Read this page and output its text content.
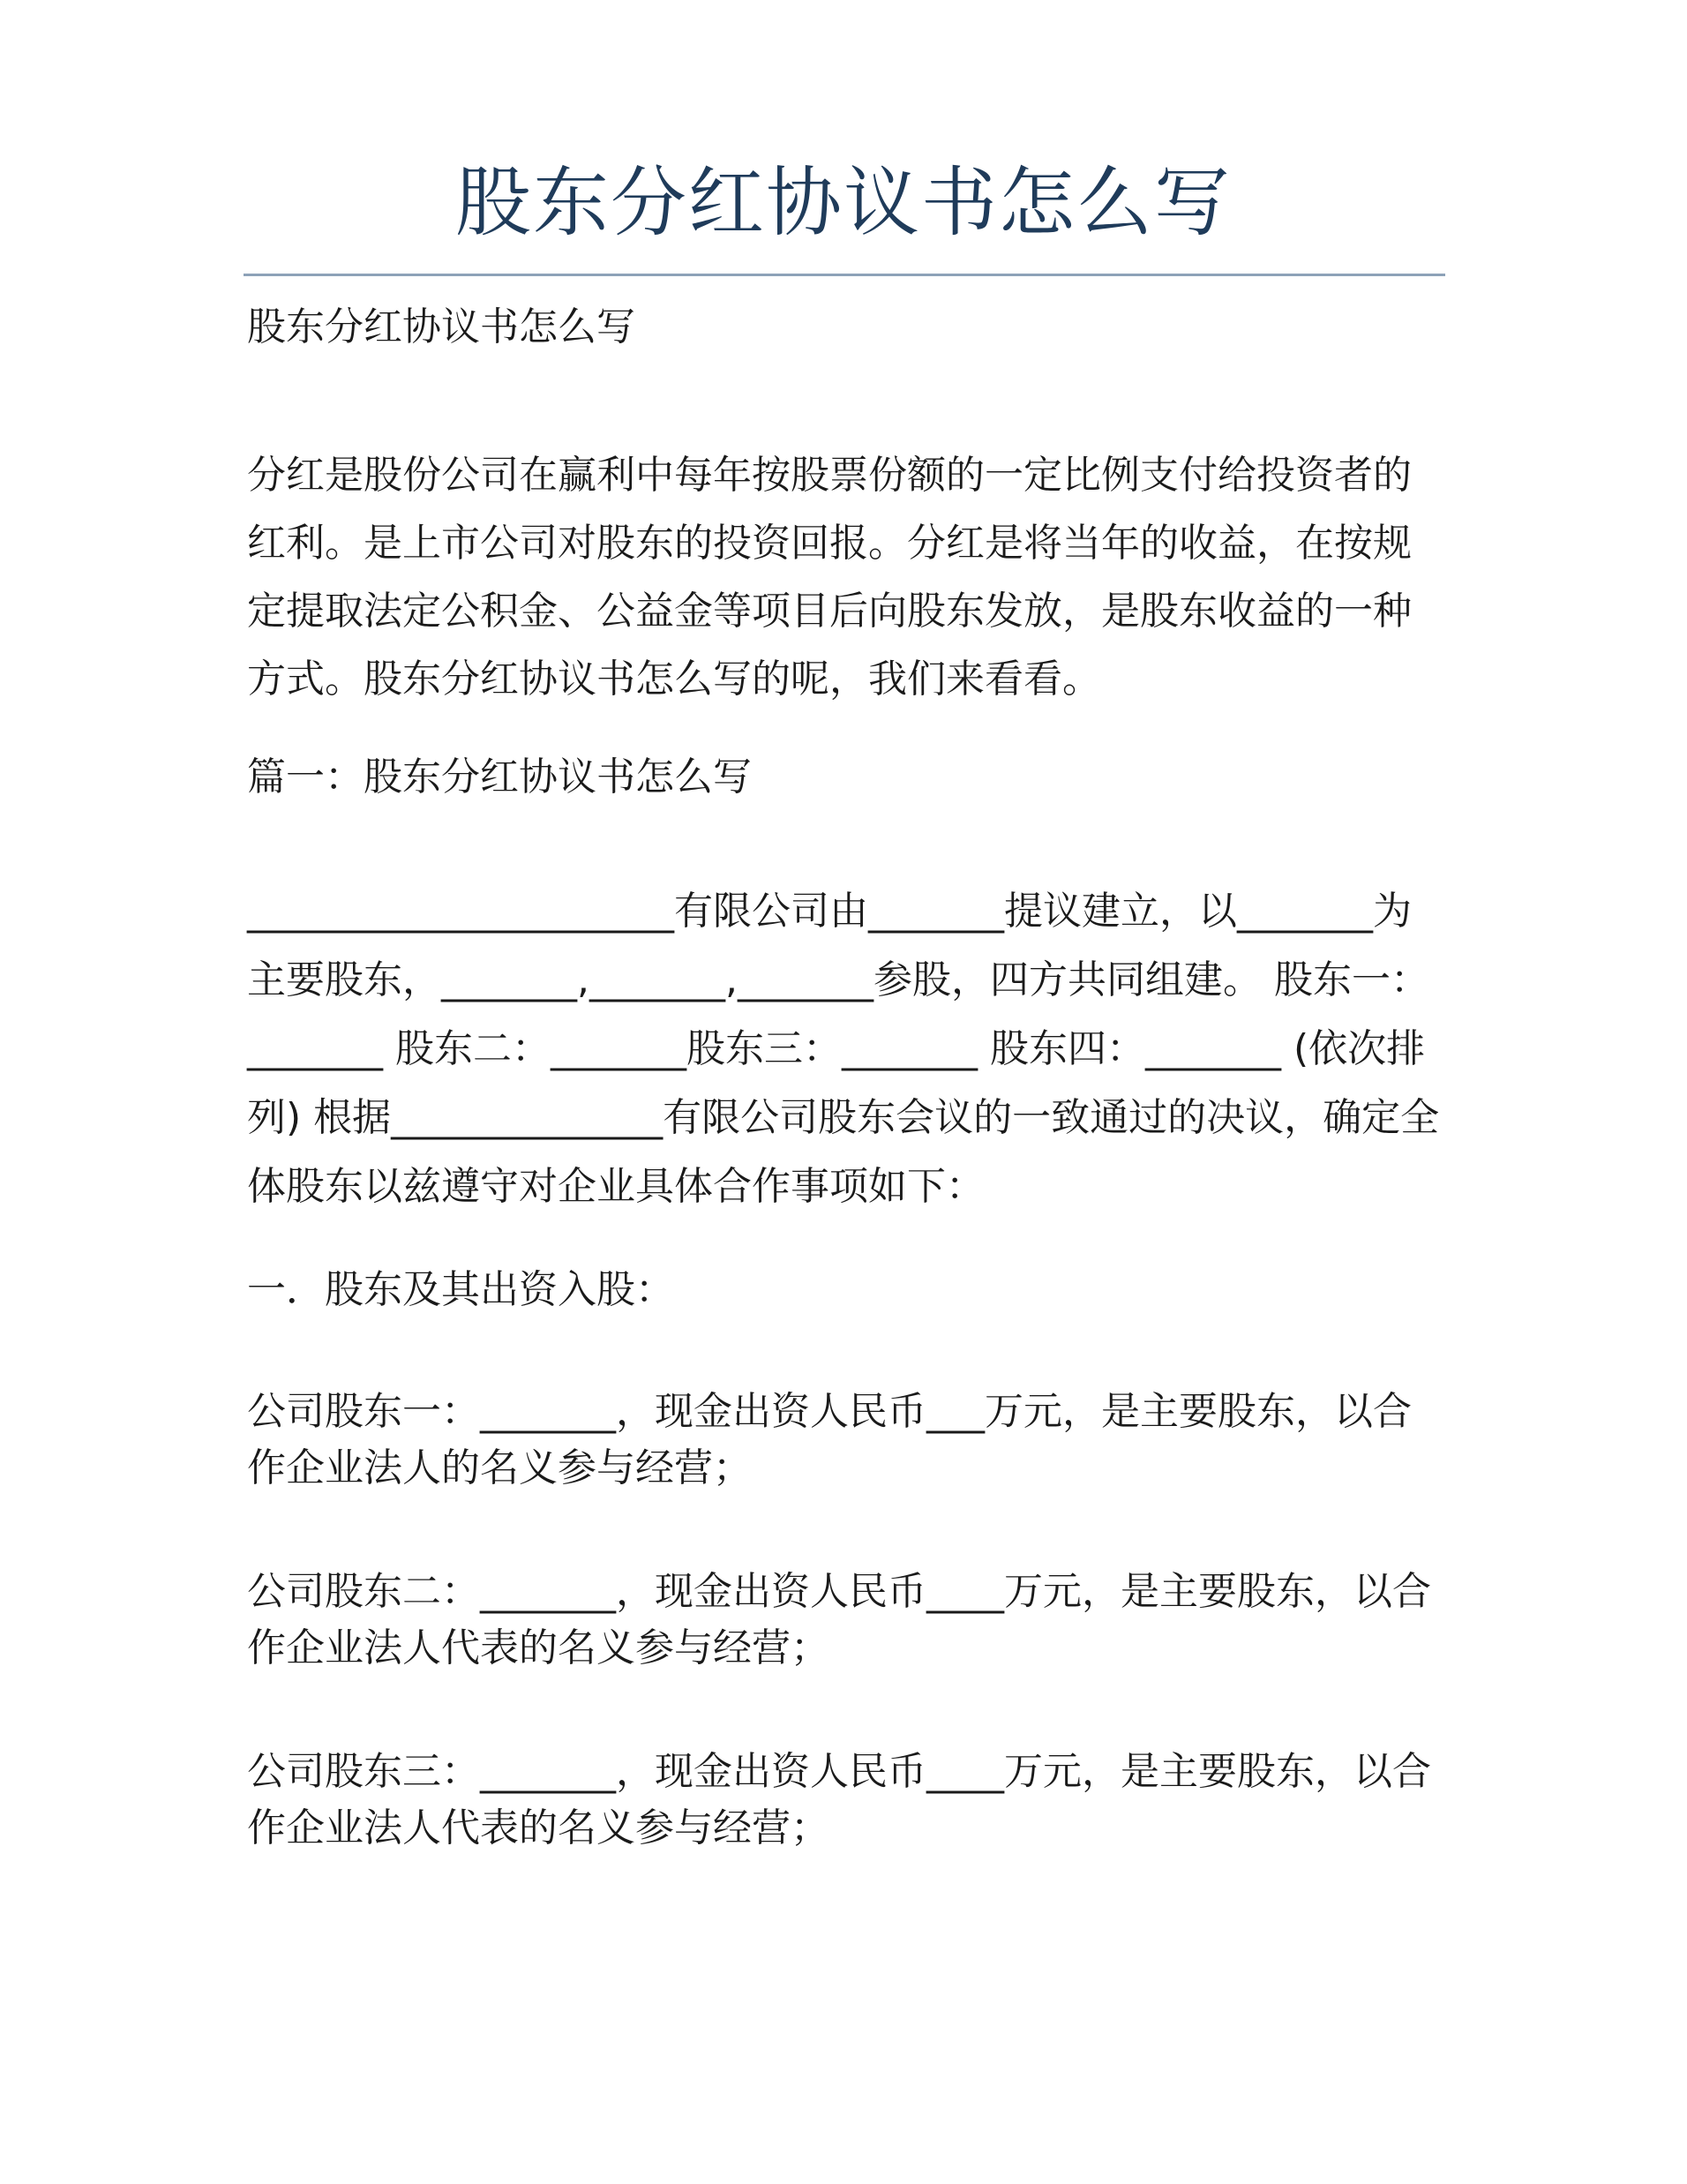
股东分红协议书怎么写
股东分红协议书怎么写
分红是股份公司在赢利中每年按股票份额的一定比例支付给投资者的
红利。是上市公司对股东的投资回报。分红是将当年的收益，在按规
定提取法定公积金、公益金等项目后向股东发放，是股东收益的一种
方式。股东分红协议书怎么写的呢，我们来看看。
篇一：股东分红协议书怎么写
______________________有限公司由_______提议建立，以_______为
主要股东，_______,_______,_______参股，四方共同组建。 股东一：
_______ 股东二：_______股东三：_______ 股东四：_______ (依次排
列) 根据______________有限公司股东会议的一致通过的决议，确定全
体股东以兹遵守对企业具体合作事项如下：
一．股东及其出资入股：
公司股东一：_______，现金出资人民币___万元，是主要股东，以合
作企业法人的名义参与经营；
公司股东二：_______，现金出资人民币____万元，是主要股东，以合
作企业法人代表的名义参与经营；
公司股东三：_______，现金出资人民币____万元，是主要股东，以合
作企业法人代表的名义参与经营；
